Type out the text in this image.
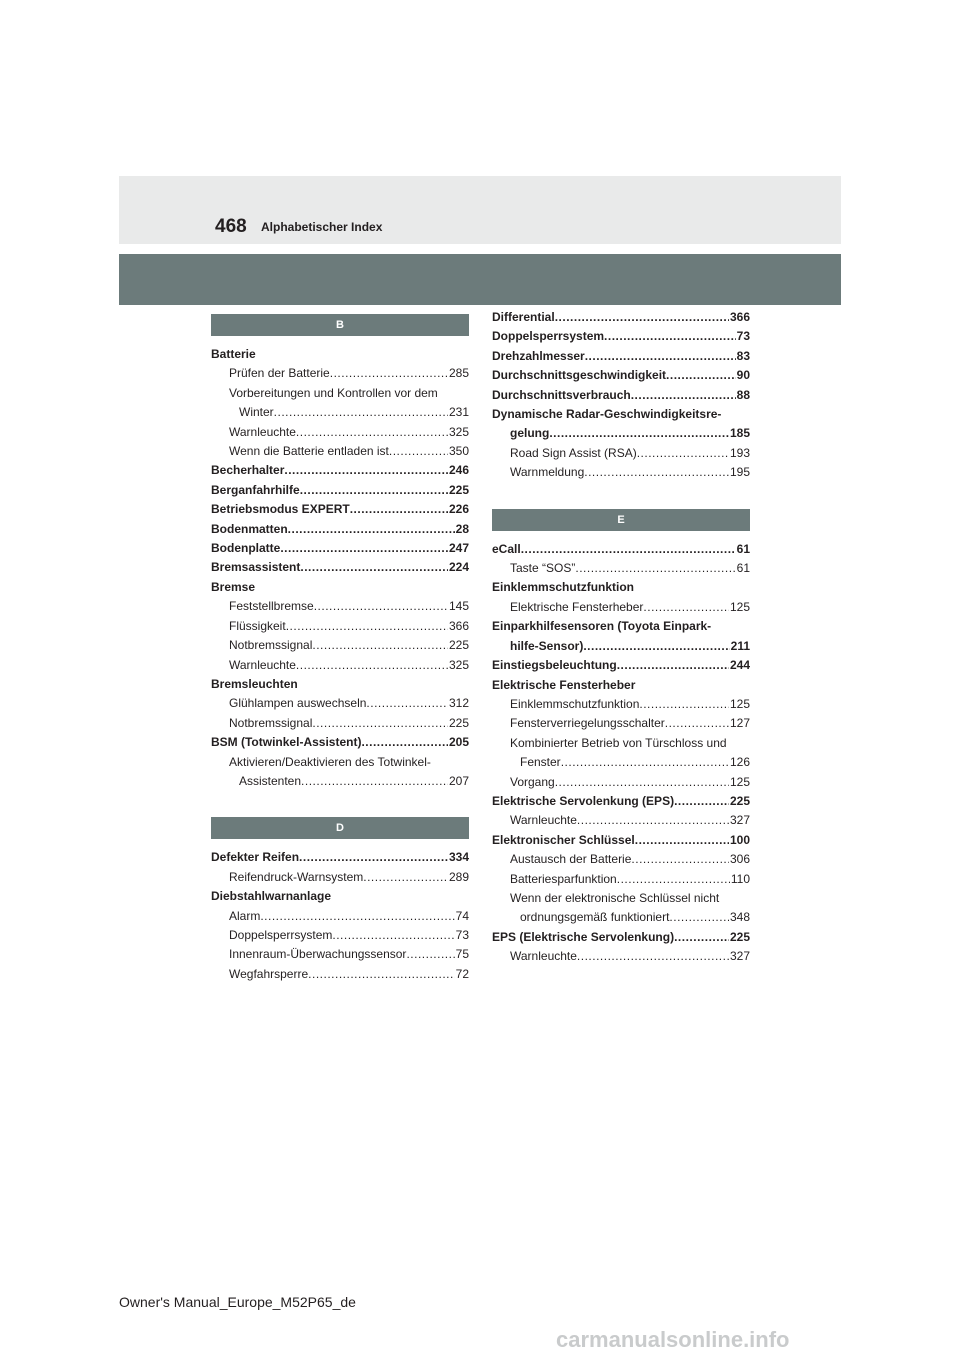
468 Alphabetischer Index
B
Batterie
Prüfen der Batterie .....	285
Vorbereitungen und Kontrollen vor dem
Winter .....	231
Warnleuchte .....	325
Wenn die Batterie entladen ist .....	350
Becherhalter .....	246
Berganfahrhilfe .....	225
Betriebsmodus EXPERT .....	226
Bodenmatten .....	28
Bodenplatte .....	247
Bremsassistent .....	224
Bremse
Feststellbremse .....	145
Flüssigkeit .....	366
Notbremssignal .....	225
Warnleuchte .....	325
Bremsleuchten
Glühlampen auswechseln .....	312
Notbremssignal .....	225
BSM (Totwinkel-Assistent) .....	205
Aktivieren/Deaktivieren des Totwinkel-
Assistenten .....	207
D
Defekter Reifen .....	334
Reifendruck-Warnsystem .....	289
Diebstahlwarnanlage
Alarm .....	74
Doppelsperrsystem .....	73
Innenraum-Überwachungssensor .....	75
Wegfahrsperre .....	72
Differential .....	366
Doppelsperrsystem .....	73
Drehzahlmesser .....	83
Durchschnittsgeschwindigkeit .....	90
Durchschnittsverbrauch .....	88
Dynamische Radar-Geschwindigkeitsre-
gelung .....	185
Road Sign Assist (RSA) .....	193
Warnmeldung .....	195
E
eCall .....	61
Taste “SOS” .....	61
Einklemmschutzfunktion
Elektrische Fensterheber .....	125
Einparkhilfesensoren (Toyota Einpark-
hilfe-Sensor) .....	211
Einstiegsbeleuchtung .....	244
Elektrische Fensterheber
Einklemmschutzfunktion .....	125
Fensterverriegelungsschalter .....	127
Kombinierter Betrieb von Türschloss und
Fenster .....	126
Vorgang .....	125
Elektrische Servolenkung (EPS) .....	225
Warnleuchte .....	327
Elektronischer Schlüssel .....	100
Austausch der Batterie .....	306
Batteriesparfunktion .....	110
Wenn der elektronische Schlüssel nicht
ordnungsgemäß funktioniert .....	348
EPS (Elektrische Servolenkung) .....	225
Warnleuchte .....	327
Owner's Manual_Europe_M52P65_de
carmanualsonline.info
